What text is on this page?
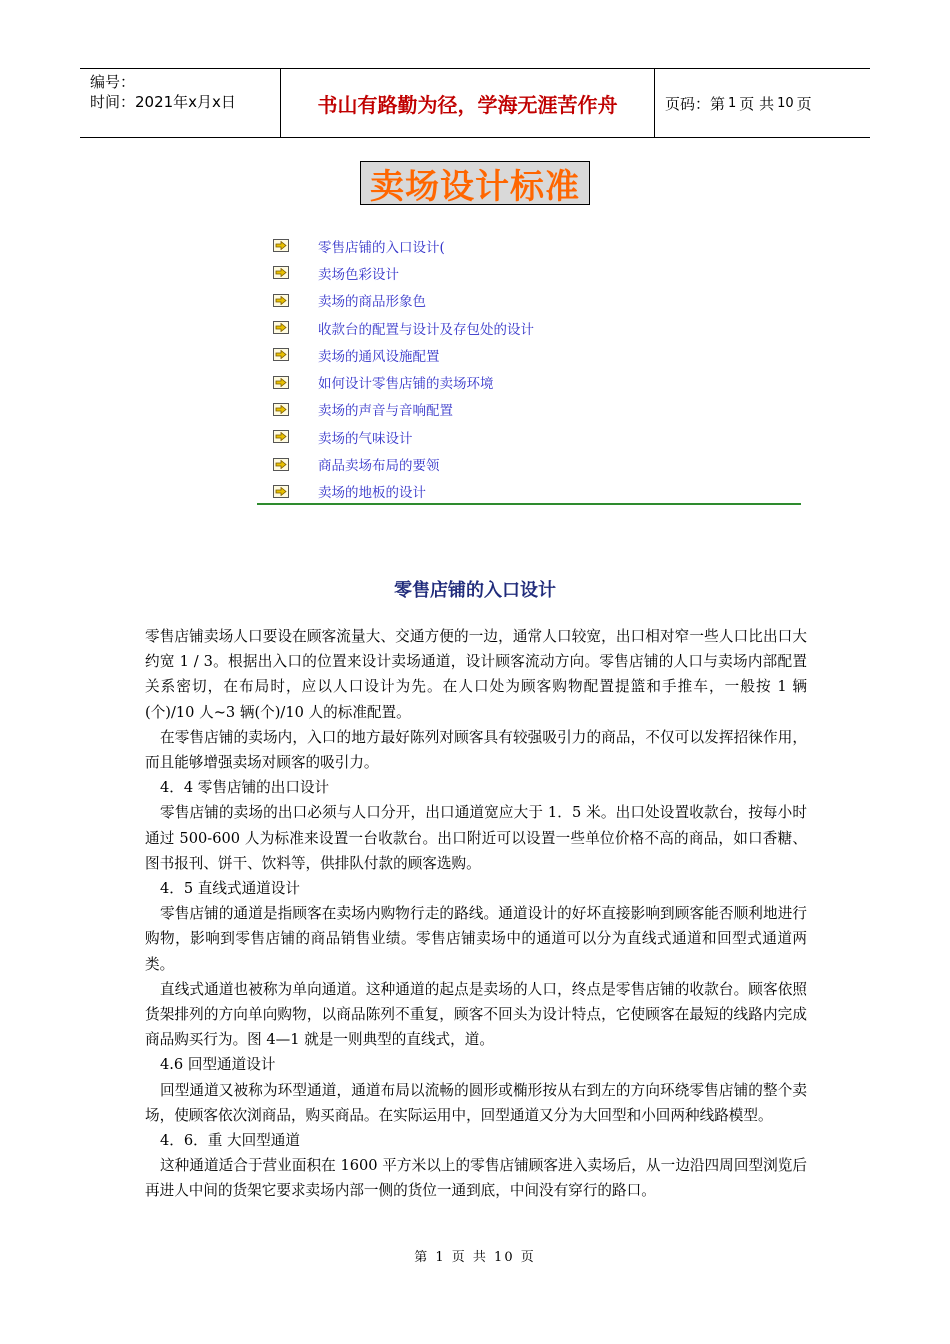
编号：
时间：2021年x月x日	书山有路勤为径，学海无涯苦作舟	页码：第 1 页 共 10 页
卖场设计标准
零售店铺的入口设计(
卖场色彩设计
卖场的商品形象色
收款台的配置与设计及存包处的设计
卖场的通风设施配置
如何设计零售店铺的卖场环境
卖场的声音与音响配置
卖场的气味设计
商品卖场布局的要领
卖场的地板的设计
零售店铺的入口设计

零售店铺卖场人口要设在顾客流量大、交通方便的一边，通常人口较宽，出口相对窄一些人口比出口大约宽 1 / 3。根据出入口的位置来设计卖场通道，设计顾客流动方向。零售店铺的人口与卖场内部配置关系密切，在布局时，应以人口设计为先。在人口处为顾客购物配置提篮和手推车，一般按 1 辆(个)/10 人~3 辆(个)/10 人的标准配置。

在零售店铺的卖场内，入口的地方最好陈列对顾客具有较强吸引力的商品，不仅可以发挥招徕作用，而且能够增强卖场对顾客的吸引力。

4．4 零售店铺的出口设计

零售店铺的卖场的出口必须与人口分开，出口通道宽应大于 1．5 米。出口处设置收款台，按每小时通过 500-600 人为标准来设置一台收款台。出口附近可以设置一些单位价格不高的商品，如口香糖、图书报刊、饼干、饮料等，供排队付款的顾客选购。

4．5 直线式通道设计

零售店铺的通道是指顾客在卖场内购物行走的路线。通道设计的好坏直接影响到顾客能否顺利地进行购物，影响到零售店铺的商品销售业绩。零售店铺卖场中的通道可以分为直线式通道和回型式通道两类。

直线式通道也被称为单向通道。这种通道的起点是卖场的人口，终点是零售店铺的收款台。顾客依照货架排列的方向单向购物，以商品陈列不重复，顾客不回头为设计特点，它使顾客在最短的线路内完成商品购买行为。图 4—1 就是一则典型的直线式，道。

4.6 回型通道设计

回型通道又被称为环型通道，通道布局以流畅的圆形或椭形按从右到左的方向环绕零售店铺的整个卖场，使顾客依次浏商品，购买商品。在实际运用中，回型通道又分为大回型和小回两种线路模型。

4．6．重 大回型通道

这种通道适合于营业面积在 1600 平方米以上的零售店铺顾客进入卖场后，从一边沿四周回型浏览后再进人中间的货架它要求卖场内部一侧的货位一通到底，中间没有穿行的路口。

第 1 页 共 10 页
